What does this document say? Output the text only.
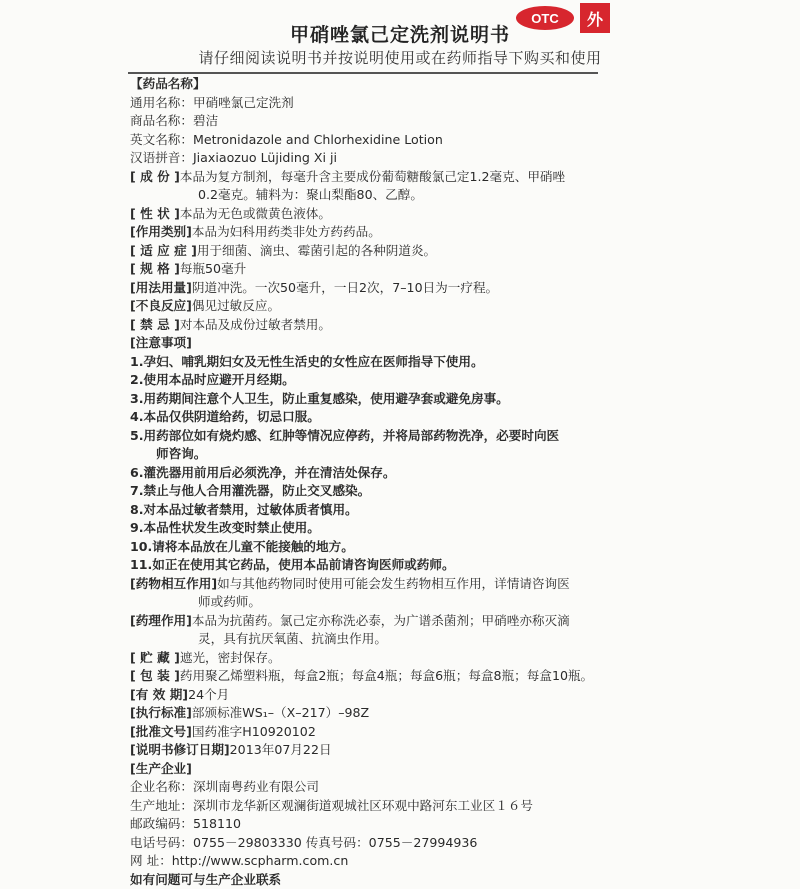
OTC	外
甲硝唑氯己定洗剂说明书
请仔细阅读说明书并按说明使用或在药师指导下购买和使用
【药品名称】
通用名称：甲硝唑氯己定洗剂
商品名称：碧洁
英文名称：Metronidazole and Chlorhexidine Lotion
汉语拼音：Jiaxiaozuo Lüjiding Xi ji
[ 成 份 ]本品为复方制剂，每毫升含主要成份葡萄糖酸氯己定1.2毫克、甲硝唑
0.2毫克。辅料为：聚山梨酯80、乙醇。
[ 性 状 ]本品为无色或微黄色液体。
[作用类别]本品为妇科用药类非处方药药品。
[ 适 应 症 ]用于细菌、滴虫、霉菌引起的各种阴道炎。
[ 规 格 ]每瓶50毫升
[用法用量]阴道冲洗。一次50毫升，一日2次，7–10日为一疗程。
[不良反应]偶见过敏反应。
[ 禁 忌 ]对本品及成份过敏者禁用。
[注意事项]
1.孕妇、哺乳期妇女及无性生活史的女性应在医师指导下使用。
2.使用本品时应避开月经期。
3.用药期间注意个人卫生，防止重复感染，使用避孕套或避免房事。
4.本品仅供阴道给药，切忌口服。
5.用药部位如有烧灼感、红肿等情况应停药，并将局部药物洗净，必要时向医
师咨询。
6.灌洗器用前用后必须洗净，并在清洁处保存。
7.禁止与他人合用灌洗器，防止交叉感染。
8.对本品过敏者禁用，过敏体质者慎用。
9.本品性状发生改变时禁止使用。
10.请将本品放在儿童不能接触的地方。
11.如正在使用其它药品，使用本品前请咨询医师或药师。
[药物相互作用]如与其他药物同时使用可能会发生药物相互作用，详情请咨询医
师或药师。
[药理作用]本品为抗菌药。氯己定亦称洗必泰，为广谱杀菌剂；甲硝唑亦称灭滴
灵，具有抗厌氧菌、抗滴虫作用。
[ 贮 藏 ]遮光，密封保存。
[ 包 装 ]药用聚乙烯塑料瓶，每盒2瓶；每盒4瓶；每盒6瓶；每盒8瓶；每盒10瓶。
[有 效 期]24个月
[执行标准]部颁标准WS₁–（X–217）–98Z
[批准文号]国药准字H10920102
[说明书修订日期]2013年07月22日
[生产企业]
企业名称：深圳南粤药业有限公司
生产地址：深圳市龙华新区观澜街道观城社区环观中路河东工业区１６号
邮政编码：518110
电话号码：0755－29803330 传真号码：0755－27994936
网 址：http://www.scpharm.com.cn
如有问题可与生产企业联系
